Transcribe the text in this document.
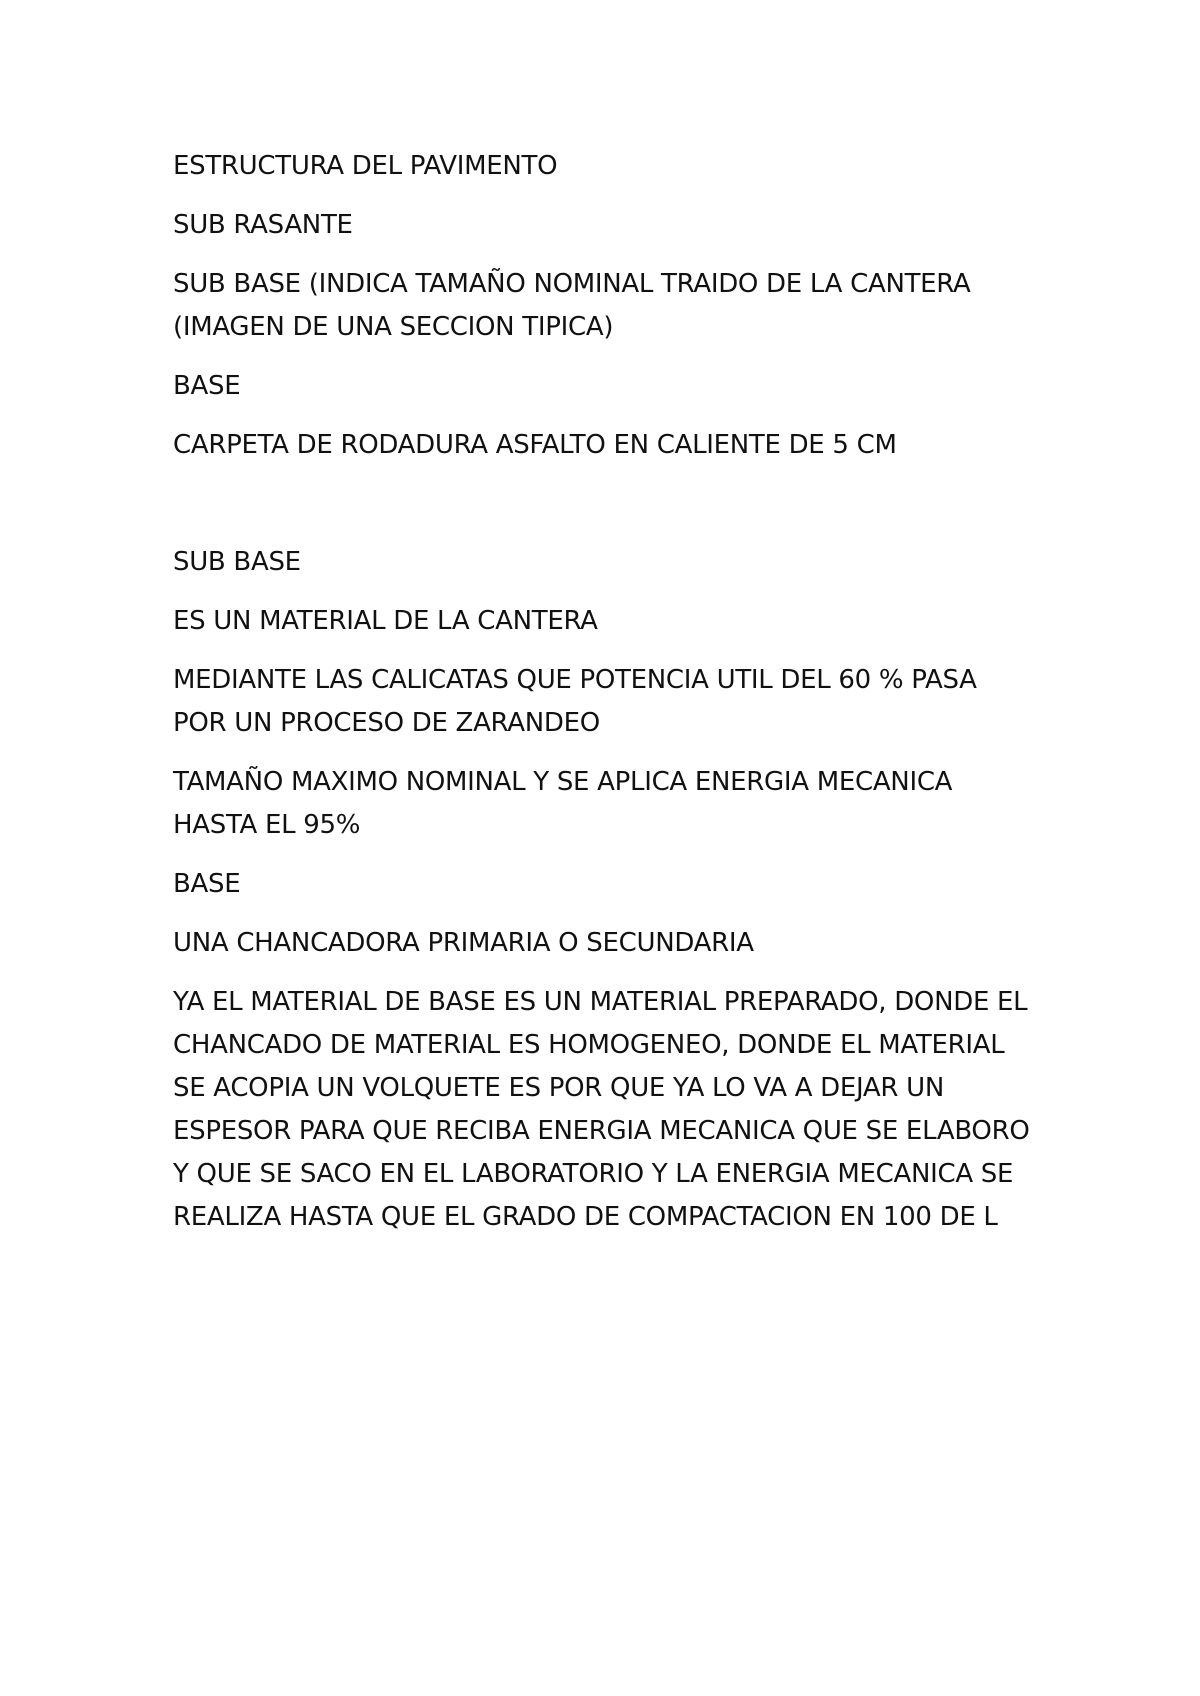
ESTRUCTURA DEL PAVIMENTO

SUB RASANTE

SUB BASE (INDICA TAMAÑO NOMINAL TRAIDO DE LA CANTERA (IMAGEN DE UNA SECCION TIPICA)

BASE

CARPETA DE RODADURA ASFALTO EN CALIENTE DE 5 CM

SUB BASE

ES UN MATERIAL DE LA CANTERA

MEDIANTE LAS CALICATAS QUE POTENCIA UTIL DEL 60 % PASA POR UN PROCESO DE ZARANDEO

TAMAÑO MAXIMO NOMINAL Y SE APLICA ENERGIA MECANICA HASTA EL 95%

BASE

UNA CHANCADORA PRIMARIA O SECUNDARIA

YA EL MATERIAL DE BASE ES UN MATERIAL PREPARADO, DONDE EL CHANCADO DE MATERIAL ES HOMOGENEO, DONDE EL MATERIAL SE ACOPIA UN VOLQUETE ES POR QUE YA LO VA A DEJAR UN ESPESOR PARA QUE RECIBA ENERGIA MECANICA QUE SE ELABORO Y QUE SE SACO EN EL LABORATORIO Y LA ENERGIA MECANICA SE REALIZA HASTA QUE EL GRADO DE COMPACTACION EN 100 DE L
